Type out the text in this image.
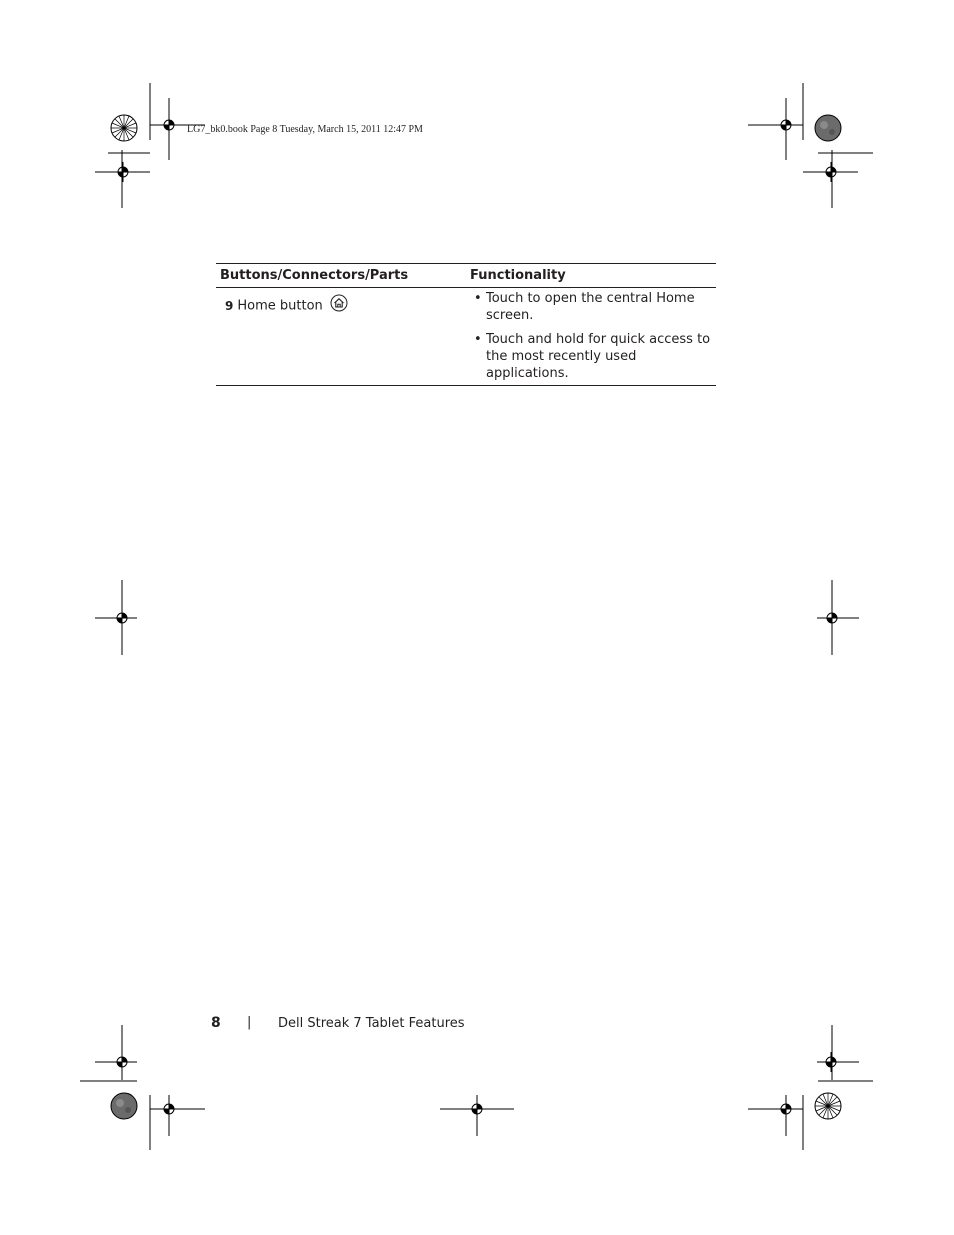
LG7_bk0.book Page 8 Tuesday, March 15, 2011 12:47 PM
Buttons/Connectors/Parts	Functionality
9 Home button	• Touch to open the central Home screen.
• Touch and hold for quick access to the most recently used applications.
8 | Dell Streak 7 Tablet Features
